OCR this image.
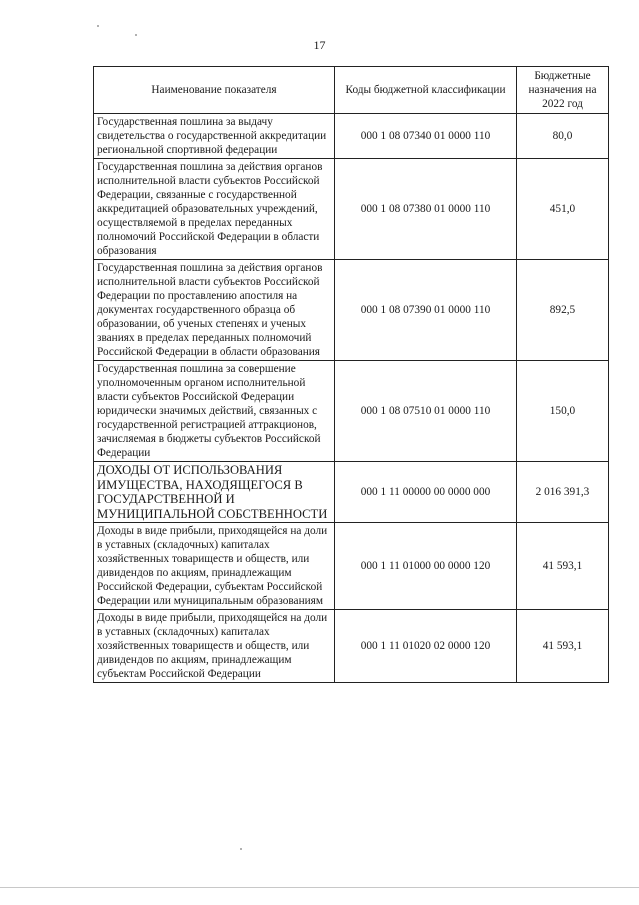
17
Наименование показателя	Коды бюджетной классификации	Бюджетные назначения на 2022 год
Государственная пошлина за выдачу свидетельства о государственной аккредитации региональной спортивной федерации	000 1 08 07340 01 0000 110	80,0
Государственная пошлина за действия органов исполнительной власти субъектов Российской Федерации, связанные с государственной аккредитацией образовательных учреждений, осуществляемой в пределах переданных полномочий Российской Федерации в области образования	000 1 08 07380 01 0000 110	451,0
Государственная пошлина за действия органов исполнительной власти субъектов Российской Федерации по проставлению апостиля на документах государственного образца об образовании, об ученых степенях и ученых званиях в пределах переданных полномочий Российской Федерации в области образования	000 1 08 07390 01 0000 110	892,5
Государственная пошлина за совершение уполномоченным органом исполнительной власти субъектов Российской Федерации юридически значимых действий, связанных с государственной регистрацией аттракционов, зачисляемая в бюджеты субъектов Российской Федерации	000 1 08 07510 01 0000 110	150,0
ДОХОДЫ ОТ ИСПОЛЬЗОВАНИЯ ИМУЩЕСТВА, НАХОДЯЩЕГОСЯ В ГОСУДАРСТВЕННОЙ И МУНИЦИПАЛЬНОЙ СОБСТВЕННОСТИ	000 1 11 00000 00 0000 000	2 016 391,3
Доходы в виде прибыли, приходящейся на доли в уставных (складочных) капиталах хозяйственных товариществ и обществ, или дивидендов по акциям, принадлежащим Российской Федерации, субъектам Российской Федерации или муниципальным образованиям	000 1 11 01000 00 0000 120	41 593,1
Доходы в виде прибыли, приходящейся на доли в уставных (складочных) капиталах хозяйственных товариществ и обществ, или дивидендов по акциям, принадлежащим субъектам Российской Федерации	000 1 11 01020 02 0000 120	41 593,1
